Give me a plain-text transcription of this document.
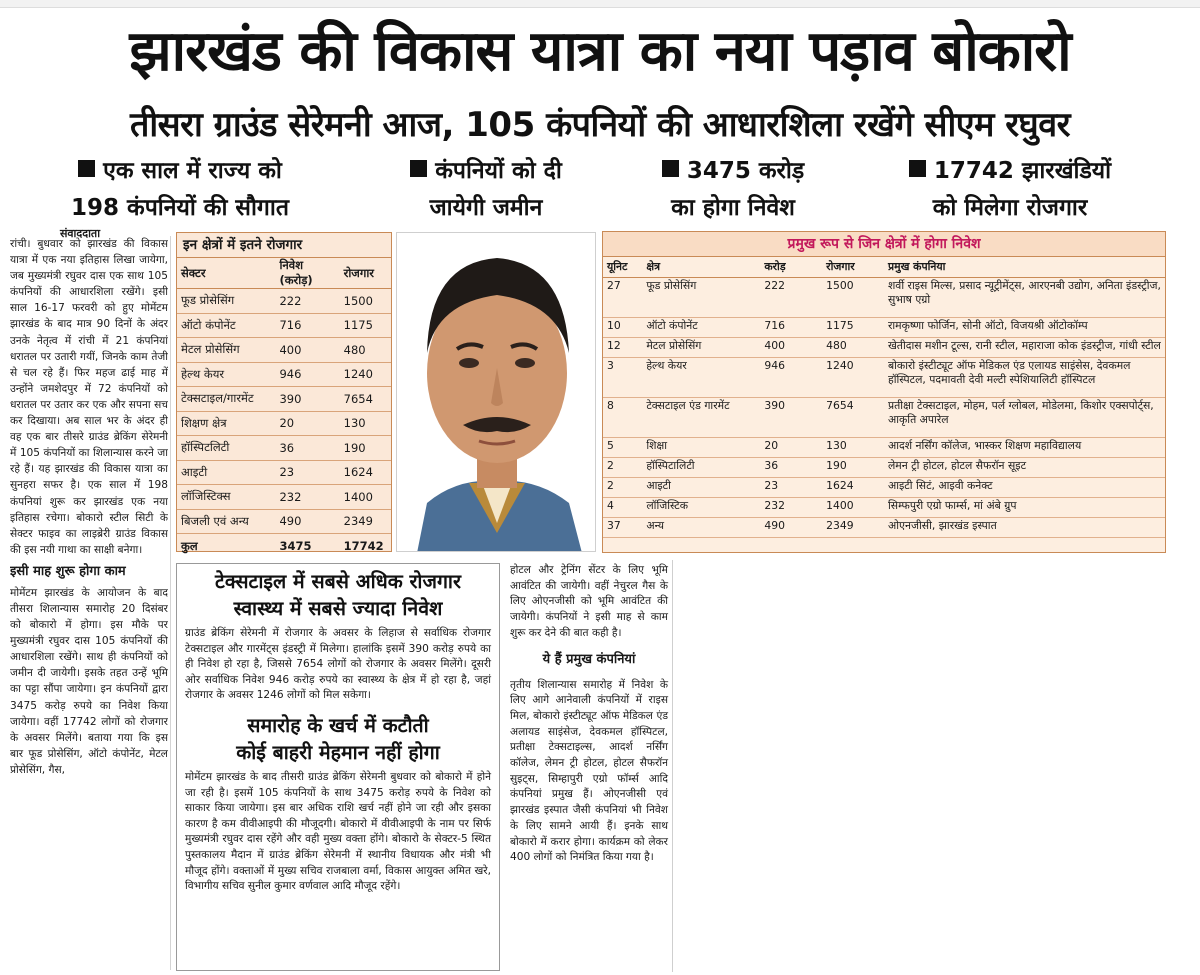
झारखंड की विकास यात्रा का नया पड़ाव बोकारो
तीसरा ग्राउंड सेरेमनी आज, 105 कंपनियों की आधारशिला रखेंगे सीएम रघुवर
एक साल में राज्य को
198 कंपनियों की सौगात
कंपनियों को दी
जायेगी जमीन
3475 करोड़
का होगा निवेश
17742 झारखंडियों
को मिलेगा रोजगार
संवाददाता

रांची। बुधवार को झारखंड की विकास यात्रा में एक नया इतिहास लिखा जायेगा, जब मुख्यमंत्री रघुवर दास एक साथ 105 कंपनियों की आधारशिला रखेंगे। इसी साल 16-17 फरवरी को हुए मोमेंटम झारखंड के बाद मात्र 90 दिनों के अंदर उनके नेतृत्व में रांची में 21 कंपनियां धरातल पर उतारी गयीं, जिनके काम तेजी से चल रहे हैं। फिर महज ढाई माह में उन्होंने जमशेदपुर में 72 कंपनियों को धरातल पर उतार कर एक और सपना सच कर दिखाया। अब साल भर के अंदर ही वह एक बार तीसरे ग्राउंड ब्रेकिंग सेरेमनी में 105 कंपनियों का शिलान्यास करने जा रहे हैं। यह झारखंड की विकास यात्रा का सुनहरा सफर है। एक साल में 198 कंपनियां शुरू कर झारखंड एक नया इतिहास रचेगा। बोकारो स्टील सिटी के सेक्टर फाइव का लाइब्रेरी ग्राउंड विकास की इस नयी गाथा का साक्षी बनेगा।

इसी माह शुरू होगा काम

मोमेंटम झारखंड के आयोजन के बाद तीसरा शिलान्यास समारोह 20 दिसंबर को बोकारो में होगा। इस मौके पर मुख्यमंत्री रघुवर दास 105 कंपनियों की आधारशिला रखेंगे। साथ ही कंपनियों को जमीन दी जायेगी। इसके तहत उन्हें भूमि का पट्टा सौंपा जायेगा। इन कंपनियों द्वारा 3475 करोड़ रुपये का निवेश किया जायेगा। वहीं 17742 लोगों को रोजगार के अवसर मिलेंगे। बताया गया कि इस बार फूड प्रोसेसिंग, ऑटो कंपोनेंट, मेटल प्रोसेसिंग, गैस,

इन क्षेत्रों में इतने रोजगार
सेक्टर	निवेश (करोड़)	रोजगार
फूड प्रोसेसिंग	222	1500
ऑटो कंपोनेंट	716	1175
मेटल प्रोसेसिंग	400	480
हेल्थ केयर	946	1240
टेक्सटाइल/गारमेंट	390	7654
शिक्षण क्षेत्र	20	130
हॉस्पिटलिटी	36	190
आइटी	23	1624
लॉजिस्टिक्स	232	1400
बिजली एवं अन्य	490	2349
कुल	3475	17742
प्रमुख रूप से जिन क्षेत्रों में होगा निवेश
यूनिट	क्षेत्र	करोड़	रोजगार	प्रमुख कंपनिया
27	फूड प्रोसेसिंग	222	1500	शर्वी राइस मिल्स, प्रसाद न्यूट्रीमेंट्स, आरएनबी उद्योग, अनिता इंडस्ट्रीज, सुभाष एग्रो
10	ऑटो कंपोनेंट	716	1175	रामकृष्णा फोर्जिन, सोनी ऑटो, विजयश्री ऑटोकॉम्प
12	मेटल प्रोसेसिंग	400	480	खेतीदास मशीन टूल्स, रानी स्टील, महाराजा कोक इंडस्ट्रीज, गांधी स्टील
3	हेल्थ केयर	946	1240	बोकारो इंस्टीट्यूट ऑफ मेडिकल एंड एलायड साइंसेस, देवकमल हॉस्पिटल, पदमावती देवी मल्टी स्पेशियालिटी हॉस्पिटल
8	टेक्सटाइल एंड गारमेंट	390	7654	प्रतीक्षा टेक्सटाइल, मोहम, पर्ल ग्लोबल, मोडेलमा, किशोर एक्सपोर्ट्स, आकृति अपारेल
5	शिक्षा	20	130	आदर्श नर्सिंग कॉलेज, भास्कर शिक्षण महाविद्यालय
2	हॉस्पिटालिटी	36	190	लेमन ट्री होटल, होटल सैफरॉन सूइट
2	आइटी	23	1624	आइटी सिटं, आइवी कनेक्ट
4	लॉजिस्टिक	232	1400	सिम्फपुरी एग्रो फार्म्स, मां अंबे ग्रुप
37	अन्य	490	2349	ओएनजीसी, झारखंड इस्पात
टेक्सटाइल में सबसे अधिक रोजगार
स्वास्थ्य में सबसे ज्यादा निवेश

ग्राउंड ब्रेकिंग सेरेमनी में रोजगार के अवसर के लिहाज से सर्वाधिक रोजगार टेक्सटाइल और गारमेंट्स इंडस्ट्री में मिलेगा। हालांकि इसमें 390 करोड़ रुपये का ही निवेश हो रहा है, जिससे 7654 लोगों को रोजगार के अवसर मिलेंगे। दूसरी ओर सर्वाधिक निवेश 946 करोड़ रुपये का स्वास्थ्य के क्षेत्र में हो रहा है, जहां रोजगार के अवसर 1246 लोगों को मिल सकेगा।

समारोह के खर्च में कटौती
कोई बाहरी मेहमान नहीं होगा

मोमेंटम झारखंड के बाद तीसरी ग्राउंड ब्रेकिंग सेरेमनी बुधवार को बोकारो में होने जा रही है। इसमें 105 कंपनियों के साथ 3475 करोड़ रुपये के निवेश को साकार किया जायेगा। इस बार अधिक राशि खर्च नहीं होने जा रही और इसका कारण है कम वीवीआइपी की मौजूदगी। बोकारो में वीवीआइपी के नाम पर सिर्फ मुख्यमंत्री रघुवर दास रहेंगे और वही मुख्य वक्ता होंगे। बोकारो के सेक्टर-5 स्थित पुस्तकालय मैदान में ग्राउंड ब्रेकिंग सेरेमनी में स्थानीय विधायक और मंत्री भी मौजूद होंगे। वक्ताओं में मुख्य सचिव राजबाला वर्मा, विकास आयुक्त अमित खरे, विभागीय सचिव सुनील कुमार वर्णवाल आदि मौजूद रहेंगे।

होटल और ट्रेनिंग सेंटर के लिए भूमि आवंटित की जायेगी। वहीं नेचुरल गैस के लिए ओएनजीसी को भूमि आवंटित की जायेगी। कंपनियों ने इसी माह से काम शुरू कर देने की बात कही है।

ये हैं प्रमुख कंपनियां

तृतीय शिलान्यास समारोह में निवेश के लिए आगे आनेवाली कंपनियों में राइस मिल, बोकारो इंस्टीट्यूट ऑफ मेडिकल एंड अलायड साइंसेज, देवकमल हॉस्पिटल, प्रतीक्षा टेक्सटाइल्स, आदर्श नर्सिंग कॉलेज, लेमन ट्री होटल, होटल सैफरॉन सुइट्स, सिम्हापुरी एग्रो फॉर्म्स आदि कंपनियां प्रमुख हैं। ओएनजीसी एवं झारखंड इस्पात जैसी कंपनियां भी निवेश के लिए सामने आयी हैं। इनके साथ बोकारो में करार होगा। कार्यक्रम को लेकर 400 लोगों को निमंत्रित किया गया है।
